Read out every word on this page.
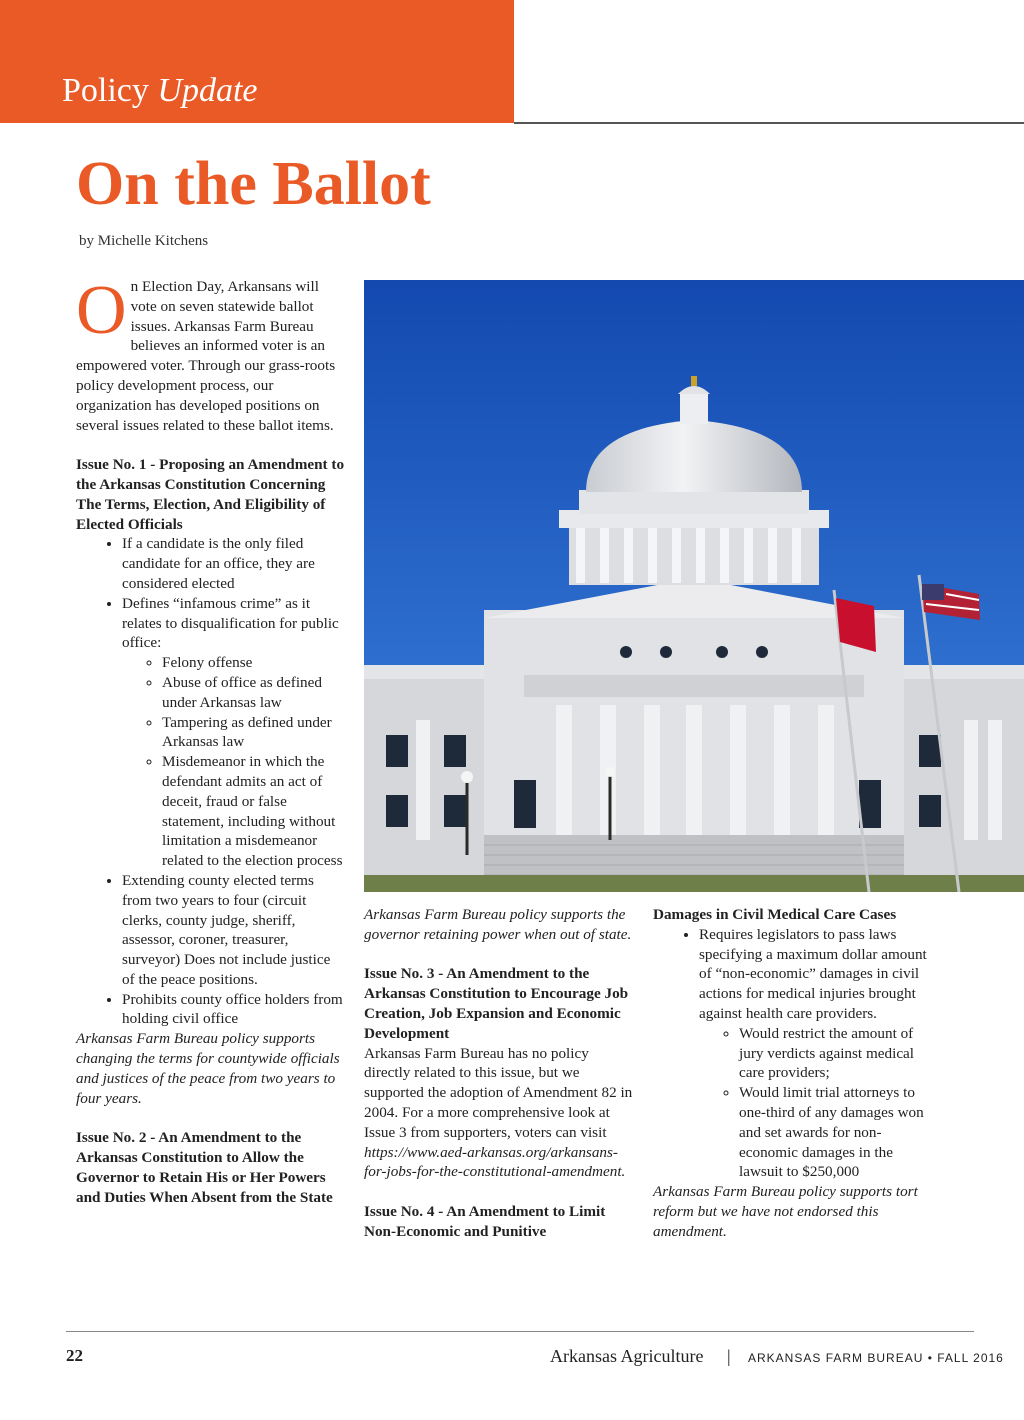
Policy Update
On the Ballot
by Michelle Kitchens

On Election Day, Arkansans will vote on seven statewide ballot issues. Arkansas Farm Bureau believes an informed voter is an empowered voter. Through our grass-roots policy development process, our organization has developed positions on several issues related to these ballot items.

Issue No. 1 - Proposing an Amendment to the Arkansas Constitution Concerning The Terms, Election, And Eligibility of Elected Officials

• If a candidate is the only filed candidate for an office, they are considered elected
• Defines “infamous crime” as it relates to disqualification for public office:
◦ Felony offense
◦ Abuse of office as defined under Arkansas law
◦ Tampering as defined under Arkansas law
◦ Misdemeanor in which the defendant admits an act of deceit, fraud or false statement, including without limitation a misdemeanor related to the election process
• Extending county elected terms from two years to four (circuit clerks, county judge, sheriff, assessor, coroner, treasurer, surveyor) Does not include justice of the peace positions.
• Prohibits county office holders from holding civil office

Arkansas Farm Bureau policy supports changing the terms for countywide officials and justices of the peace from two years to four years.

Issue No. 2 - An Amendment to the Arkansas Constitution to Allow the Governor to Retain His or Her Powers and Duties When Absent from the State

Arkansas Farm Bureau policy supports the governor retaining power when out of state.

Issue No. 3 - An Amendment to the Arkansas Constitution to Encourage Job Creation, Job Expansion and Economic Development

Arkansas Farm Bureau has no policy directly related to this issue, but we supported the adoption of Amendment 82 in 2004. For a more comprehensive look at Issue 3 from supporters, voters can visit https://www.aed-arkansas.org/arkansans-for-jobs-for-the-constitutional-amendment.

Issue No. 4 - An Amendment to Limit Non-Economic and Punitive

Damages in Civil Medical Care Cases

• Requires legislators to pass laws specifying a maximum dollar amount of “non-economic” damages in civil actions for medical injuries brought against health care providers.
◦ Would restrict the amount of jury verdicts against medical care providers;
◦ Would limit trial attorneys to one-third of any damages won and set awards for non-economic damages in the lawsuit to $250,000

Arkansas Farm Bureau policy supports tort reform but we have not endorsed this amendment.

22	Arkansas Agriculture | ARKANSAS FARM BUREAU • FALL 2016
